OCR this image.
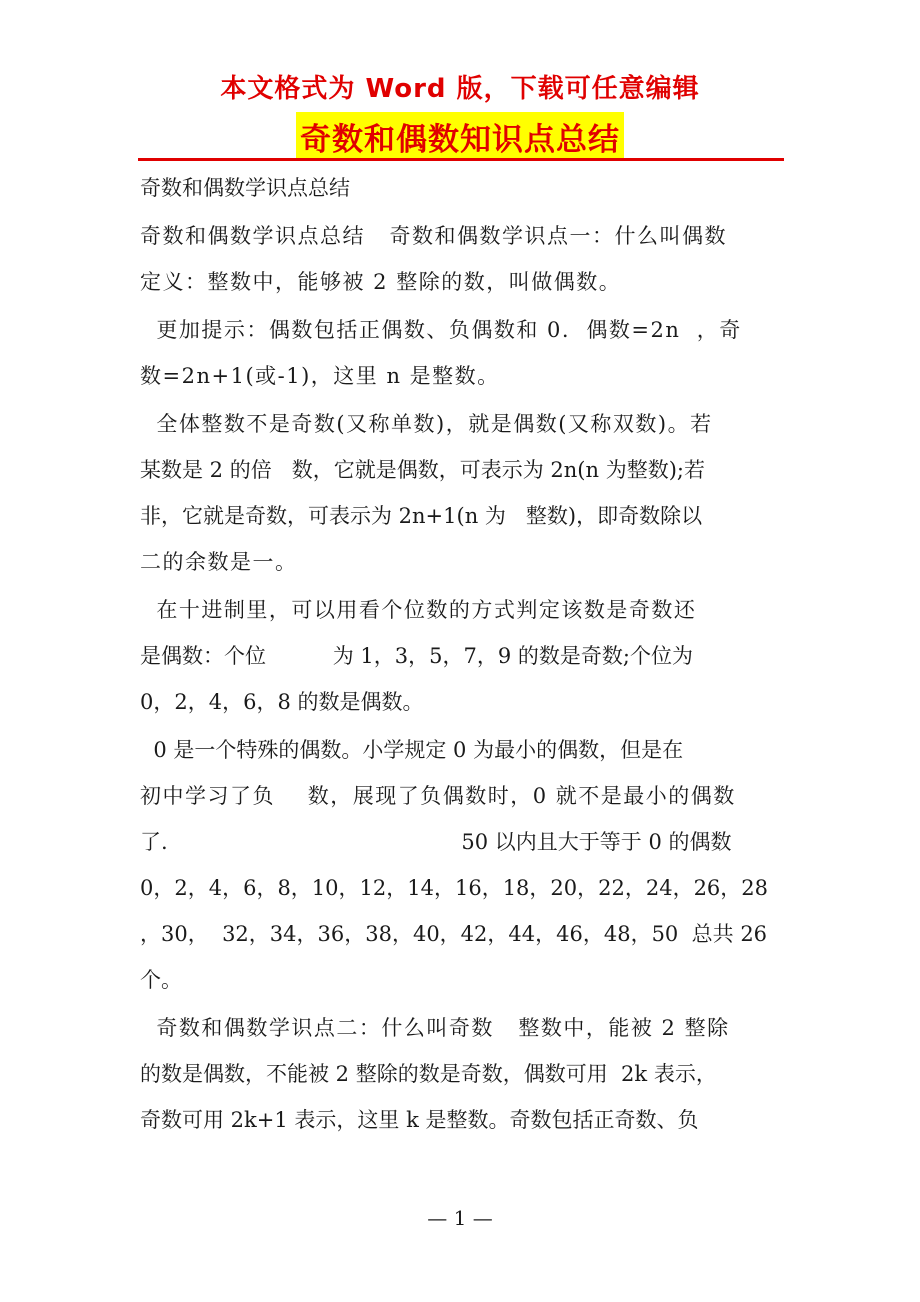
本文格式为 Word 版，下载可任意编辑
奇数和偶数知识点总结
奇数和偶数学识点总结
奇数和偶数学识点总结   奇数和偶数学识点一：什么叫偶数
定义：整数中，能够被 2 整除的数，叫做偶数。
更加提示：偶数包括正偶数、负偶数和 0.  偶数=2n  ，奇
数=2n+1(或-1)，这里 n 是整数。
全体整数不是奇数(又称单数)，就是偶数(又称双数)。若
某数是 2 的倍   数，它就是偶数，可表示为 2n(n 为整数);若
非，它就是奇数，可表示为 2n+1(n 为   整数)，即奇数除以
二的余数是一。
在十进制里，可以用看个位数的方式判定该数是奇数还
是偶数：个位          为 1，3，5，7，9 的数是奇数;个位为
0，2，4，6，8 的数是偶数。
0 是一个特殊的偶数。小学规定 0 为最小的偶数，但是在
初中学习了负    数，展现了负偶数时，0 就不是最小的偶数
了.                                            50 以内且大于等于 0 的偶数
0，2，4，6，8，10，12，14，16，18，20，22，24，26，28
，30，  32，34，36，38，40，42，44，46，48，50  总共 26
个。
奇数和偶数学识点二：什么叫奇数   整数中，能被 2 整除
的数是偶数，不能被 2 整除的数是奇数，偶数可用  2k 表示，
奇数可用 2k+1 表示，这里 k 是整数。奇数包括正奇数、负
— 1 —
